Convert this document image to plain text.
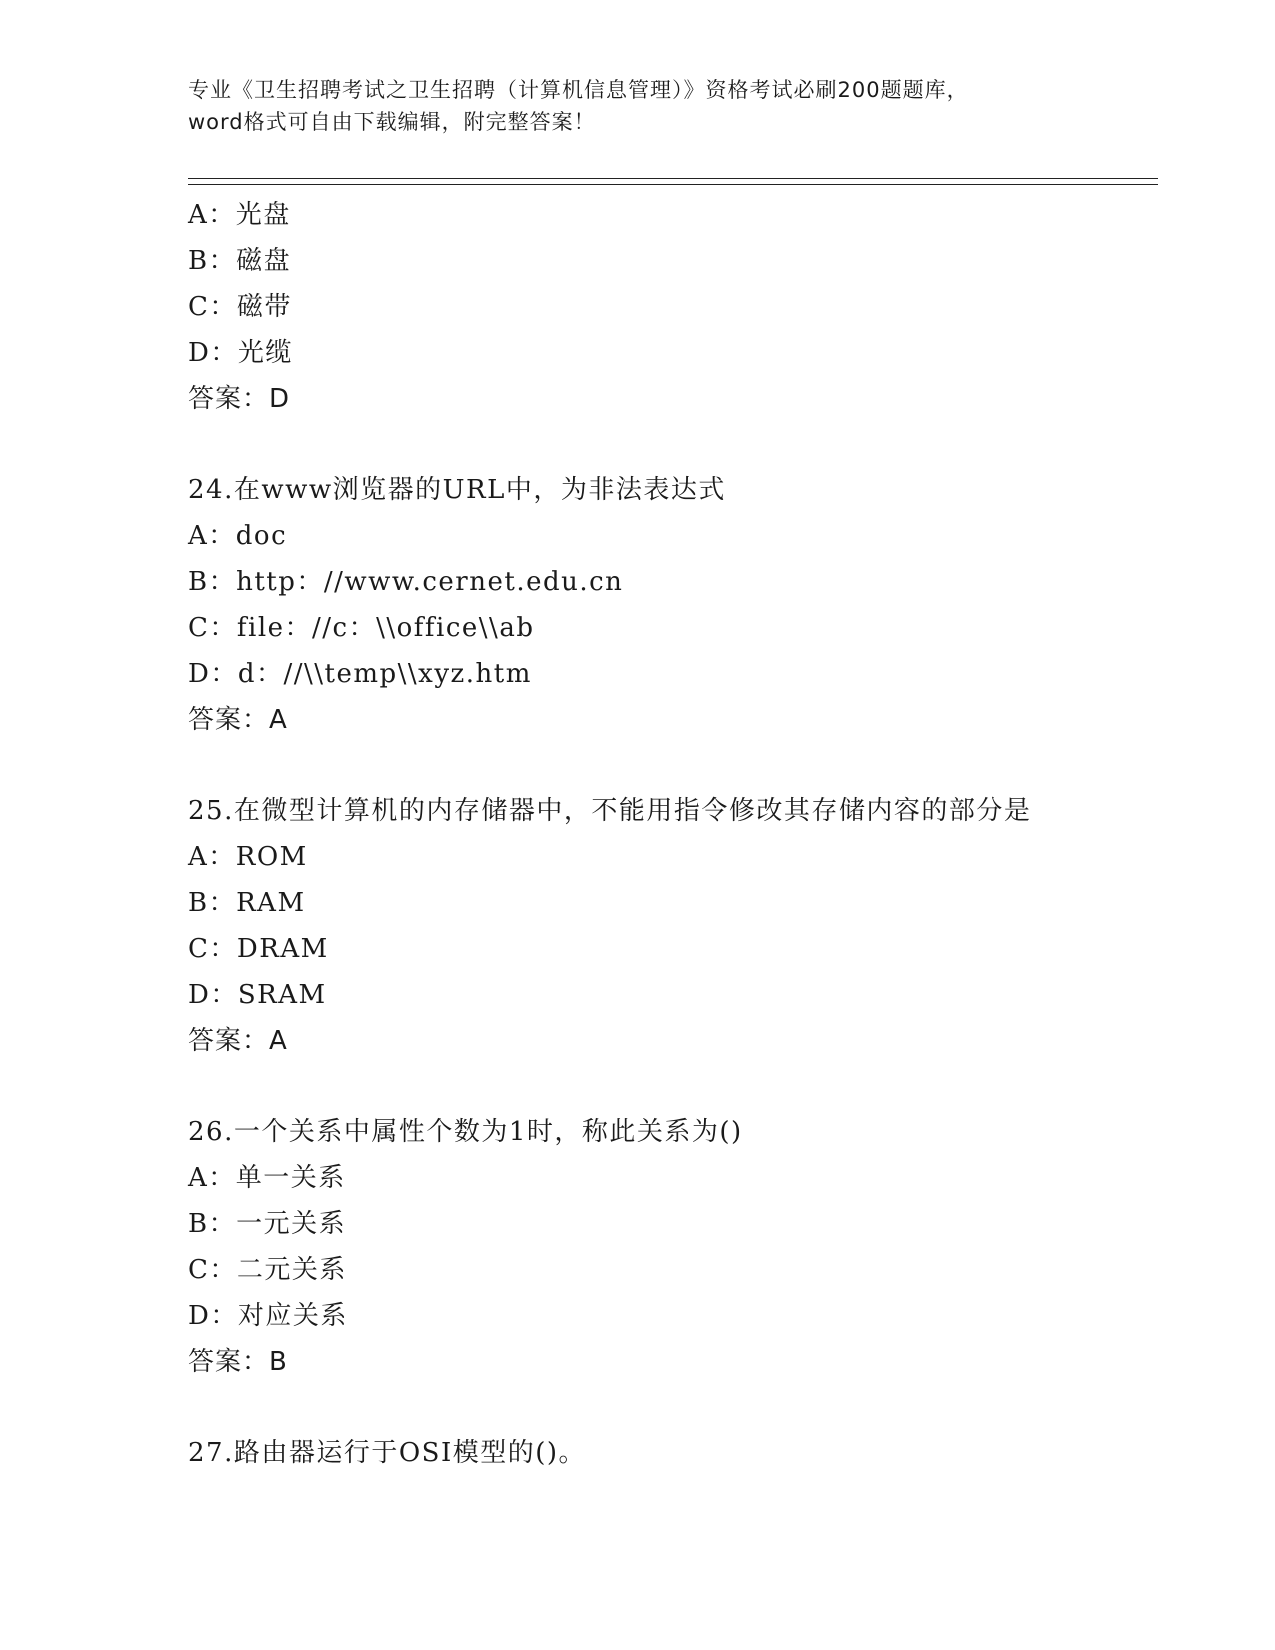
专业《卫生招聘考试之卫生招聘（计算机信息管理）》资格考试必刷200题题库，
word格式可自由下载编辑，附完整答案！
A：光盘
B：磁盘
C：磁带
D：光缆
答案：D
24.在www浏览器的URL中，为非法表达式
A：doc
B：http：//www.cernet.edu.cn
C：file：//c：\\office\\ab
D：d：//\\temp\\xyz.htm
答案：A
25.在微型计算机的内存储器中，不能用指令修改其存储内容的部分是
A：ROM
B：RAM
C：DRAM
D：SRAM
答案：A
26.一个关系中属性个数为1时，称此关系为()
A：单一关系
B：一元关系
C：二元关系
D：对应关系
答案：B
27.路由器运行于OSI模型的()。
